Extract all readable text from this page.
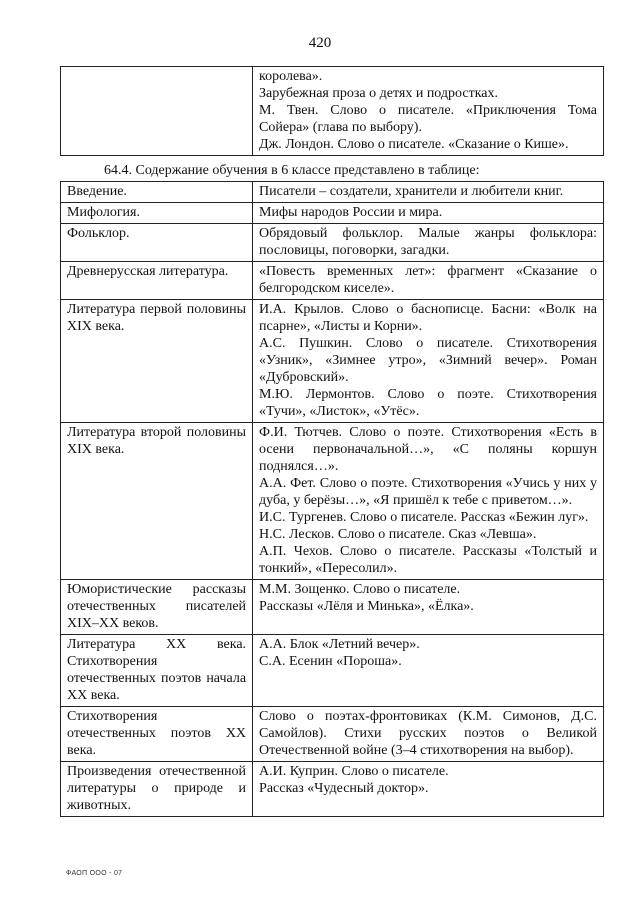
420

королева».
Зарубежная проза о детях и подростках.
М. Твен. Слово о писателе. «Приключения Тома Сойера» (глава по выбору).
Дж. Лондон. Слово о писателе. «Сказание о Кише».
64.4. Содержание обучения в 6 классе представлено в таблице:
Введение.	Писатели – создатели, хранители и любители книг.

Мифология.	Мифы народов России и мира.

Фольклор.	Обрядовый фольклор. Малые жанры фольклора: пословицы, поговорки, загадки.

Древнерусская литература.	«Повесть временных лет»: фрагмент «Сказание о белгородском киселе».

Литература первой половины XIX века.	И.А. Крылов. Слово о баснописце. Басни: «Волк на псарне», «Листы и Корни».
А.С. Пушкин. Слово о писателе. Стихотворения «Узник», «Зимнее утро», «Зимний вечер». Роман «Дубровский».
М.Ю. Лермонтов. Слово о поэте. Стихотворения «Тучи», «Листок», «Утёс».

Литература второй половины XIX века.	Ф.И. Тютчев. Слово о поэте. Стихотворения «Есть в осени первоначальной…», «С поляны коршун поднялся…».
А.А. Фет. Слово о поэте. Стихотворения «Учись у них у дуба, у берёзы…», «Я пришёл к тебе с приветом…».
И.С. Тургенев. Слово о писателе. Рассказ «Бежин луг».
Н.С. Лесков. Слово о писателе. Сказ «Левша».
А.П. Чехов. Слово о писателе. Рассказы «Толстый и тонкий», «Пересолил».

Юмористические рассказы отечественных писателей XIX–XX веков.	М.М. Зощенко. Слово о писателе.
Рассказы «Лёля и Минька», «Ёлка».

Литература XX века. Стихотворения отечественных поэтов начала XX века.	А.А. Блок «Летний вечер».
С.А. Есенин «Пороша».

Стихотворения отечественных поэтов XX века.	Слово о поэтах-фронтовиках (К.М. Симонов, Д.С. Самойлов). Стихи русских поэтов о Великой Отечественной войне (3–4 стихотворения на выбор).

Произведения отечественной литературы о природе и животных.	А.И. Куприн. Слово о писателе.
Рассказ «Чудесный доктор».
ФАОП ООО - 07
